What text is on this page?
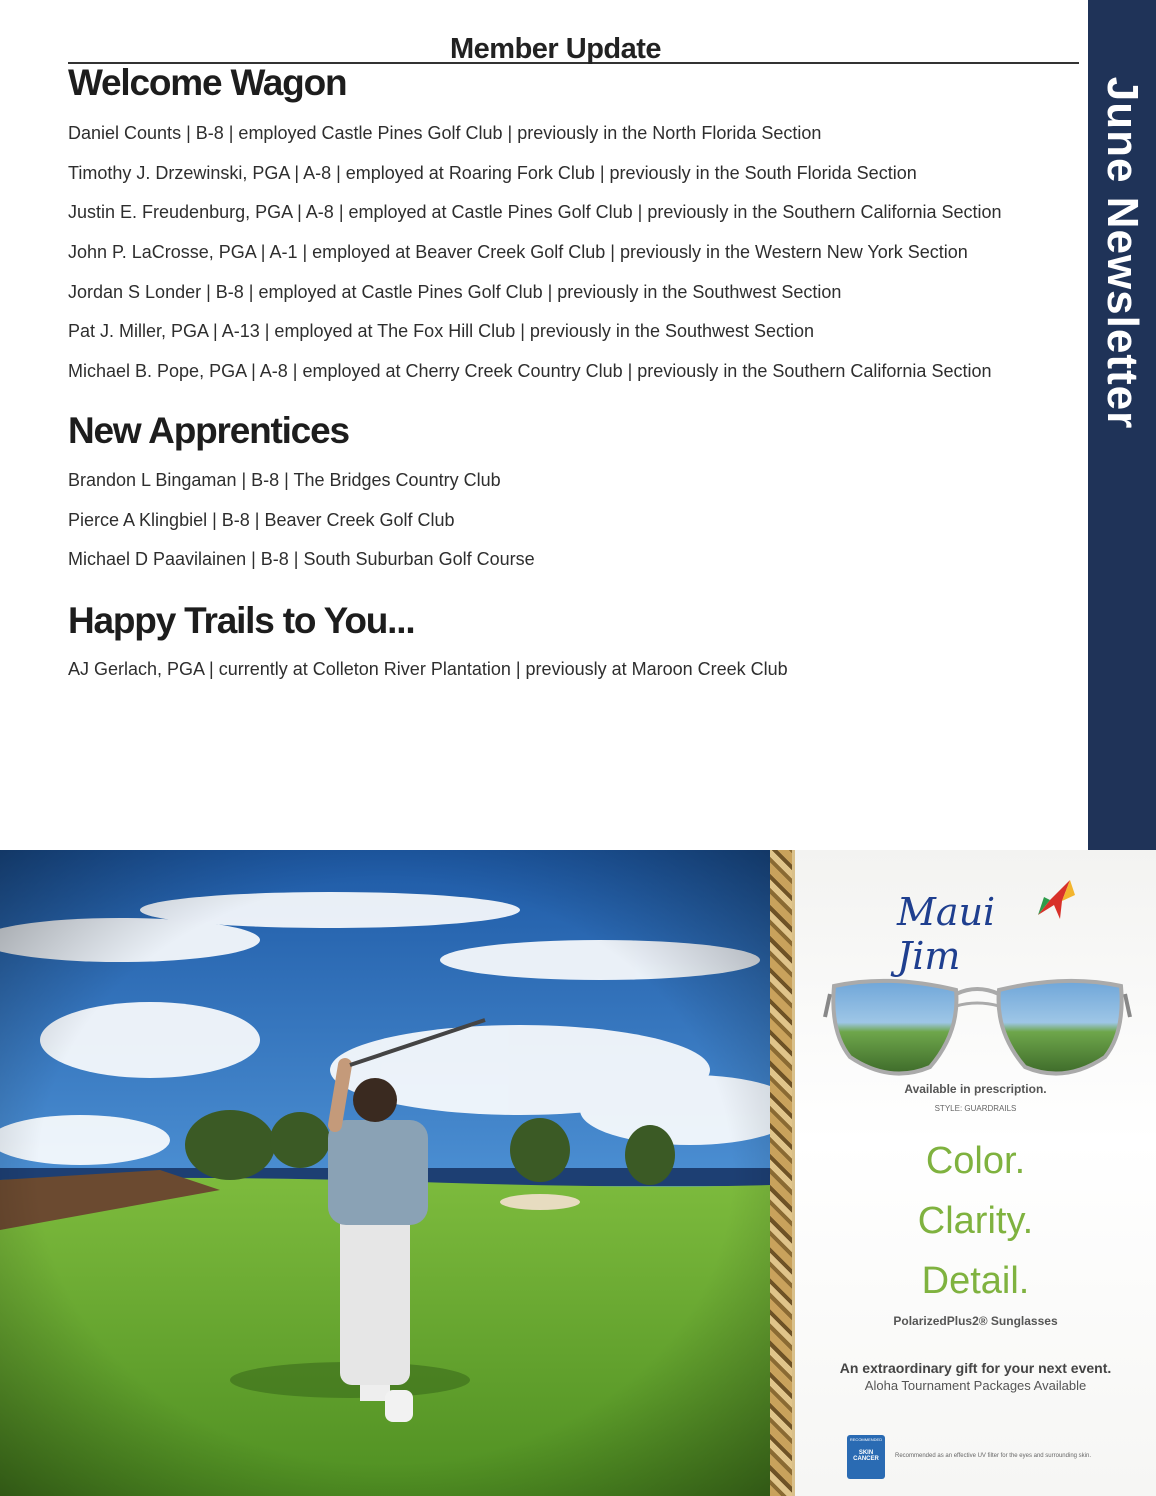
June Newsletter
Member Update
Welcome Wagon
Daniel Counts | B-8 | employed Castle Pines Golf Club | previously in the North Florida Section
Timothy J. Drzewinski, PGA | A-8 | employed at Roaring Fork Club | previously in the South Florida Section
Justin E. Freudenburg, PGA | A-8 | employed at Castle Pines Golf Club | previously in the Southern California Section
John P. LaCrosse, PGA | A-1 | employed at Beaver Creek Golf Club | previously in the Western New York Section
Jordan S Londer | B-8 | employed at Castle Pines Golf Club | previously in the Southwest Section
Pat J. Miller, PGA | A-13 | employed at The Fox Hill Club | previously in the Southwest Section
Michael B. Pope, PGA | A-8 | employed at Cherry Creek Country Club | previously in the Southern California Section
New Apprentices
Brandon L Bingaman | B-8 | The Bridges Country Club
Pierce A Klingbiel | B-8 | Beaver Creek Golf Club
Michael D Paavilainen | B-8 | South Suburban Golf Course
Happy Trails to You...
AJ Gerlach, PGA | currently at Colleton River Plantation | previously at Maroon Creek Club
Maui Jim

Available in prescription.

STYLE: GUARDRAILS

Color.

Clarity.

Detail.

PolarizedPlus2® Sunglasses

An extraordinary gift for your next event.

Aloha Tournament Packages Available

RECOMMENDED
SKIN CANCER	Recommended as an effective UV filter for the eyes and surrounding skin.
